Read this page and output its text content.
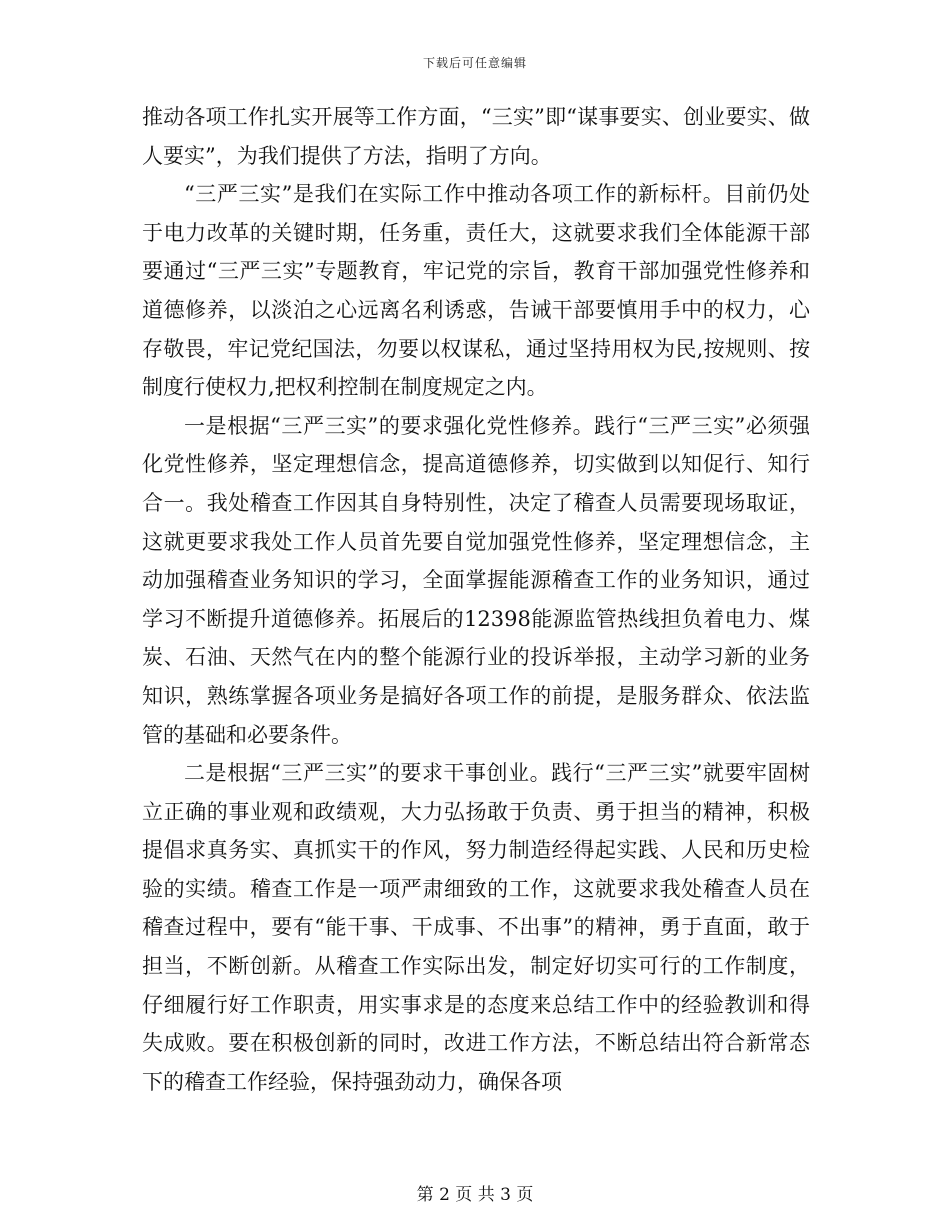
下载后可任意编辑

推动各项工作扎实开展等工作方面，“三实”即“谋事要实、创业要实、做人要实”，为我们提供了方法，指明了方向。

“三严三实”是我们在实际工作中推动各项工作的新标杆。目前仍处于电力改革的关键时期，任务重，责任大，这就要求我们全体能源干部要通过“三严三实”专题教育，牢记党的宗旨，教育干部加强党性修养和道德修养，以淡泊之心远离名利诱惑，告诫干部要慎用手中的权力，心存敬畏，牢记党纪国法，勿要以权谋私，通过坚持用权为民,按规则、按制度行使权力,把权利控制在制度规定之内。

一是根据“三严三实”的要求强化党性修养。践行“三严三实”必须强化党性修养，坚定理想信念，提高道德修养，切实做到以知促行、知行合一。我处稽查工作因其自身特别性，决定了稽查人员需要现场取证，这就更要求我处工作人员首先要自觉加强党性修养，坚定理想信念，主动加强稽查业务知识的学习，全面掌握能源稽查工作的业务知识，通过学习不断提升道德修养。拓展后的12398能源监管热线担负着电力、煤炭、石油、天然气在内的整个能源行业的投诉举报，主动学习新的业务知识，熟练掌握各项业务是搞好各项工作的前提，是服务群众、依法监管的基础和必要条件。

二是根据“三严三实”的要求干事创业。践行“三严三实”就要牢固树立正确的事业观和政绩观，大力弘扬敢于负责、勇于担当的精神，积极提倡求真务实、真抓实干的作风，努力制造经得起实践、人民和历史检验的实绩。稽查工作是一项严肃细致的工作，这就要求我处稽查人员在稽查过程中，要有“能干事、干成事、不出事”的精神，勇于直面，敢于担当，不断创新。从稽查工作实际出发，制定好切实可行的工作制度，仔细履行好工作职责，用实事求是的态度来总结工作中的经验教训和得失成败。要在积极创新的同时，改进工作方法，不断总结出符合新常态下的稽查工作经验，保持强劲动力，确保各项

第 2 页 共 3 页
